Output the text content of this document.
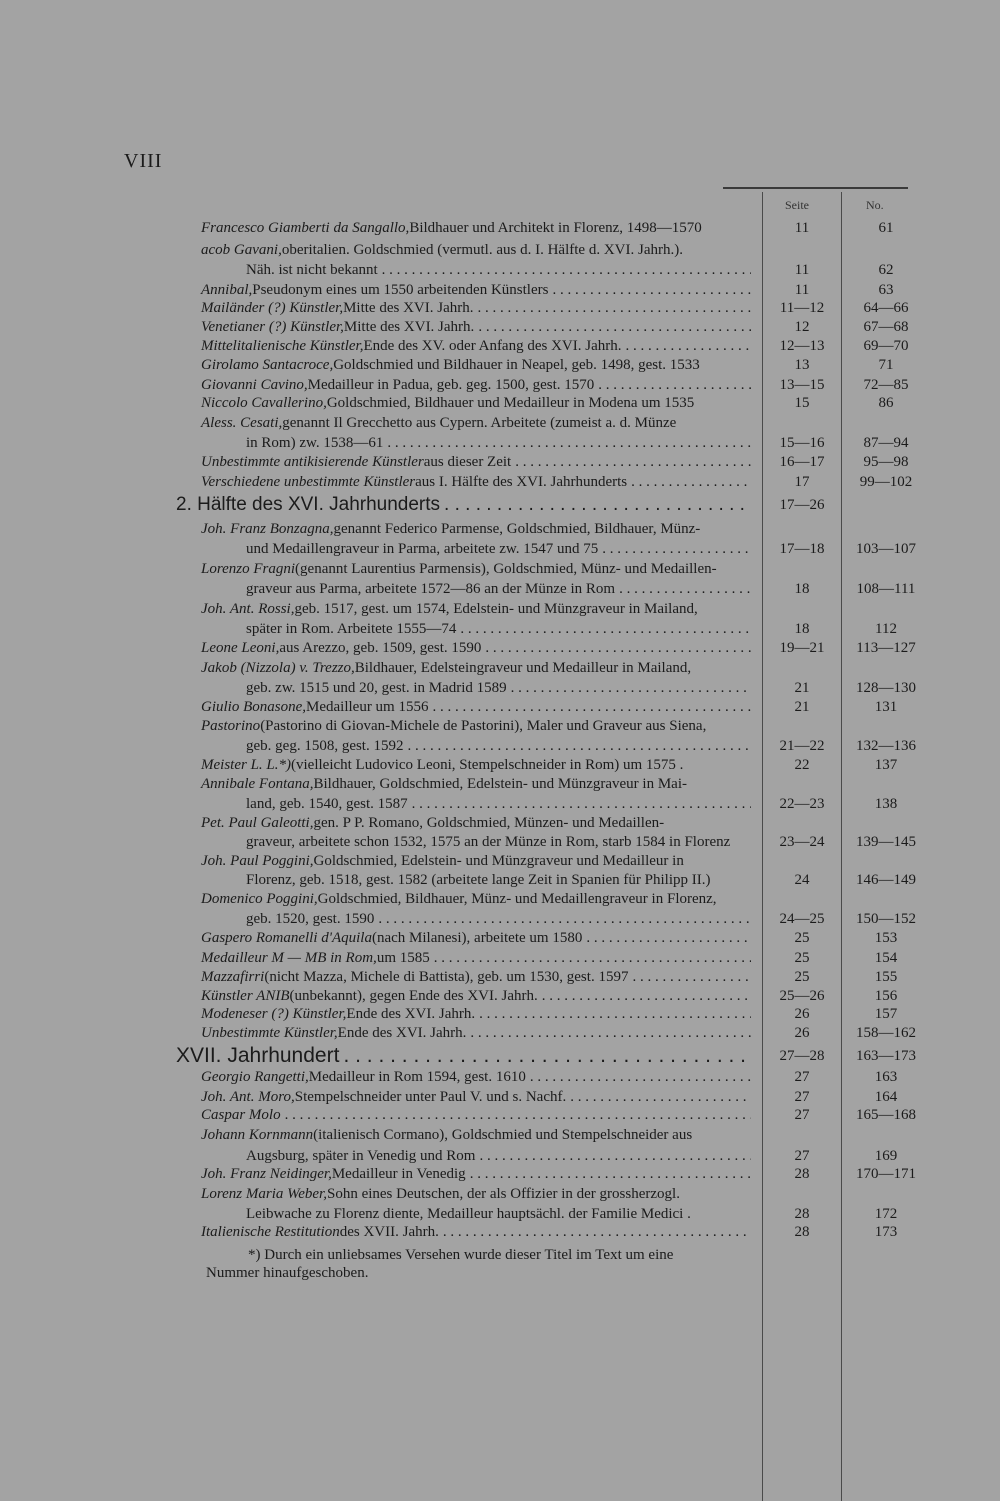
VIII
Seite	No.
Francesco Giamberti da Sangallo, Bildhauer und Architekt in Florenz, 1498—1570	11	61
acob Gavani, oberitalien. Goldschmied (vermutl. aus d. I. Hälfte d. XVI. Jahrh.).
Näh. ist nicht bekannt . . .	11	62
Annibal, Pseudonym eines um 1550 arbeitenden Künstlers . . .	11	63
Mailänder (?) Künstler, Mitte des XVI. Jahrh. . . .	11—12	64—66
Venetianer (?) Künstler, Mitte des XVI. Jahrh. . . .	12	67—68
Mittelitalienische Künstler, Ende des XV. oder Anfang des XVI. Jahrh. . . .	12—13	69—70
Girolamo Santacroce, Goldschmied und Bildhauer in Neapel, geb. 1498, gest. 1533	13	71
Giovanni Cavino, Medailleur in Padua, geb. geg. 1500, gest. 1570 . . .	13—15	72—85
Niccolo Cavallerino, Goldschmied, Bildhauer und Medailleur in Modena um 1535	15	86
Aless. Cesati, genannt Il Grecchetto aus Cypern. Arbeitete (zumeist a. d. Münze
in Rom) zw. 1538—61 . . .	15—16	87—94
Unbestimmte antikisierende Künstler aus dieser Zeit . . .	16—17	95—98
Verschiedene unbestimmte Künstler aus I. Hälfte des XVI. Jahrhunderts . . .	17	99—102
2. Hälfte des XVI. Jahrhunderts . . .	17—26
Joh. Franz Bonzagna, genannt Federico Parmense, Goldschmied, Bildhauer, Münz-
und Medaillengraveur in Parma, arbeitete zw. 1547 und 75 . . .	17—18	103—107
Lorenzo Fragni (genannt Laurentius Parmensis), Goldschmied, Münz- und Medaillen-
graveur aus Parma, arbeitete 1572—86 an der Münze in Rom . . .	18	108—111
Joh. Ant. Rossi, geb. 1517, gest. um 1574, Edelstein- und Münzgraveur in Mailand,
später in Rom. Arbeitete 1555—74 . . .	18	112
Leone Leoni, aus Arezzo, geb. 1509, gest. 1590 . . .	19—21	113—127
Jakob (Nizzola) v. Trezzo, Bildhauer, Edelsteingraveur und Medailleur in Mailand,
geb. zw. 1515 und 20, gest. in Madrid 1589 . . .	21	128—130
Giulio Bonasone, Medailleur um 1556 . . .	21	131
Pastorino (Pastorino di Giovan-Michele de Pastorini), Maler und Graveur aus Siena,
geb. geg. 1508, gest. 1592 . . .	21—22	132—136
Meister L. L.*) (vielleicht Ludovico Leoni, Stempelschneider in Rom) um 1575 .	22	137
Annibale Fontana, Bildhauer, Goldschmied, Edelstein- und Münzgraveur in Mai-
land, geb. 1540, gest. 1587 . . .	22—23	138
Pet. Paul Galeotti, gen. P P. Romano, Goldschmied, Münzen- und Medaillen-
graveur, arbeitete schon 1532, 1575 an der Münze in Rom, starb 1584 in Florenz	23—24	139—145
Joh. Paul Poggini, Goldschmied, Edelstein- und Münzgraveur und Medailleur in
Florenz, geb. 1518, gest. 1582 (arbeitete lange Zeit in Spanien für Philipp II.)	24	146—149
Domenico Poggini, Goldschmied, Bildhauer, Münz- und Medaillengraveur in Florenz,
geb. 1520, gest. 1590 . . .	24—25	150—152
Gaspero Romanelli d'Aquila (nach Milanesi), arbeitete um 1580 . . .	25	153
Medailleur M — MB in Rom, um 1585 . . .	25	154
Mazzafirri (nicht Mazza, Michele di Battista), geb. um 1530, gest. 1597 . . .	25	155
Künstler ANIB (unbekannt), gegen Ende des XVI. Jahrh. . . .	25—26	156
Modeneser (?) Künstler, Ende des XVI. Jahrh. . . .	26	157
Unbestimmte Künstler, Ende des XVI. Jahrh. . . .	26	158—162
XVII. Jahrhundert . . .	27—28	163—173
Georgio Rangetti, Medailleur in Rom 1594, gest. 1610 . . .	27	163
Joh. Ant. Moro, Stempelschneider unter Paul V. und s. Nachf. . . .	27	164
Caspar Molo . . .	27	165—168
Johann Kornmann (italienisch Cormano), Goldschmied und Stempelschneider aus
Augsburg, später in Venedig und Rom . . .	27	169
Joh. Franz Neidinger, Medailleur in Venedig . . .	28	170—171
Lorenz Maria Weber, Sohn eines Deutschen, der als Offizier in der grossherzogl.
Leibwache zu Florenz diente, Medailleur hauptsächl. der Familie Medici .	28	172
Italienische Restitution des XVII. Jahrh. . . .	28	173
*) Durch ein unliebsames Versehen wurde dieser Titel im Text um eine
Nummer hinaufgeschoben.
